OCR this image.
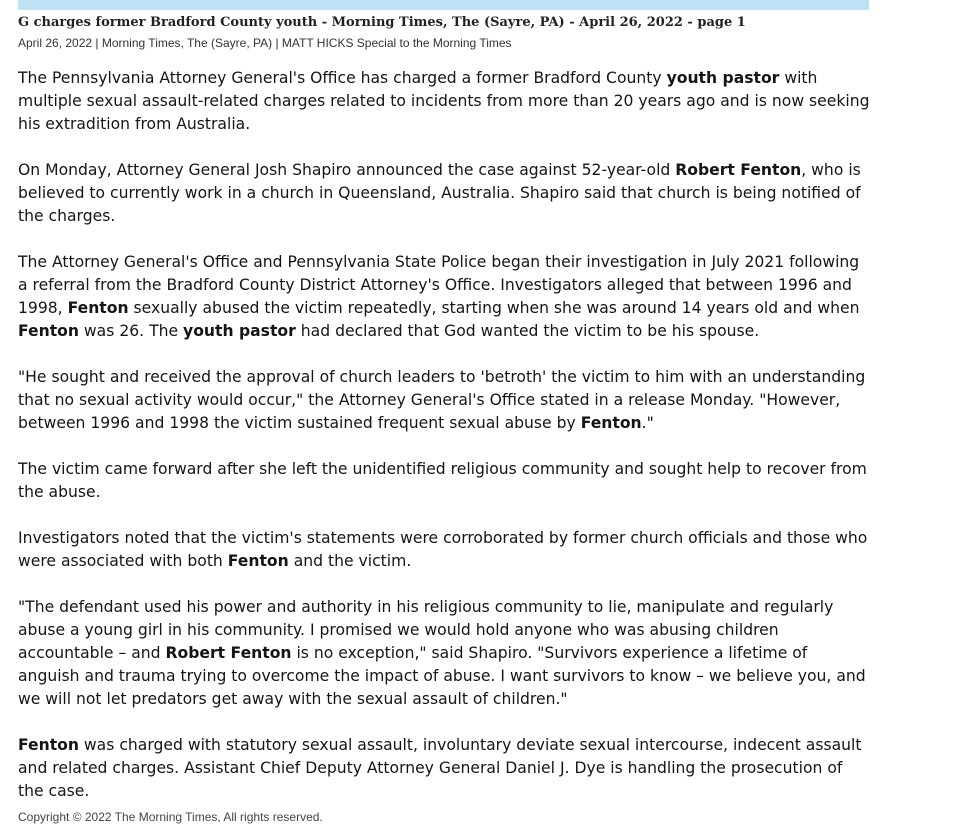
G charges former Bradford County youth - Morning Times, The (Sayre, PA) - April 26, 2022 - page 1
April 26, 2022 | Morning Times, The (Sayre, PA) | MATT HICKS Special to the Morning Times

The Pennsylvania Attorney General's Office has charged a former Bradford County youth pastor with multiple sexual assault-related charges related to incidents from more than 20 years ago and is now seeking his extradition from Australia.

On Monday, Attorney General Josh Shapiro announced the case against 52-year-old Robert Fenton, who is believed to currently work in a church in Queensland, Australia. Shapiro said that church is being notified of the charges.

The Attorney General's Office and Pennsylvania State Police began their investigation in July 2021 following a referral from the Bradford County District Attorney's Office. Investigators alleged that between 1996 and 1998, Fenton sexually abused the victim repeatedly, starting when she was around 14 years old and when Fenton was 26. The youth pastor had declared that God wanted the victim to be his spouse.

"He sought and received the approval of church leaders to 'betroth' the victim to him with an understanding that no sexual activity would occur," the Attorney General's Office stated in a release Monday. "However, between 1996 and 1998 the victim sustained frequent sexual abuse by Fenton."

The victim came forward after she left the unidentified religious community and sought help to recover from the abuse.

Investigators noted that the victim's statements were corroborated by former church officials and those who were associated with both Fenton and the victim.

"The defendant used his power and authority in his religious community to lie, manipulate and regularly abuse a young girl in his community. I promised we would hold anyone who was abusing children accountable – and Robert Fenton is no exception," said Shapiro. "Survivors experience a lifetime of anguish and trauma trying to overcome the impact of abuse. I want survivors to know – we believe you, and we will not let predators get away with the sexual assault of children."

Fenton was charged with statutory sexual assault, involuntary deviate sexual intercourse, indecent assault and related charges. Assistant Chief Deputy Attorney General Daniel J. Dye is handling the prosecution of the case.

Copyright © 2022 The Morning Times, All rights reserved.
